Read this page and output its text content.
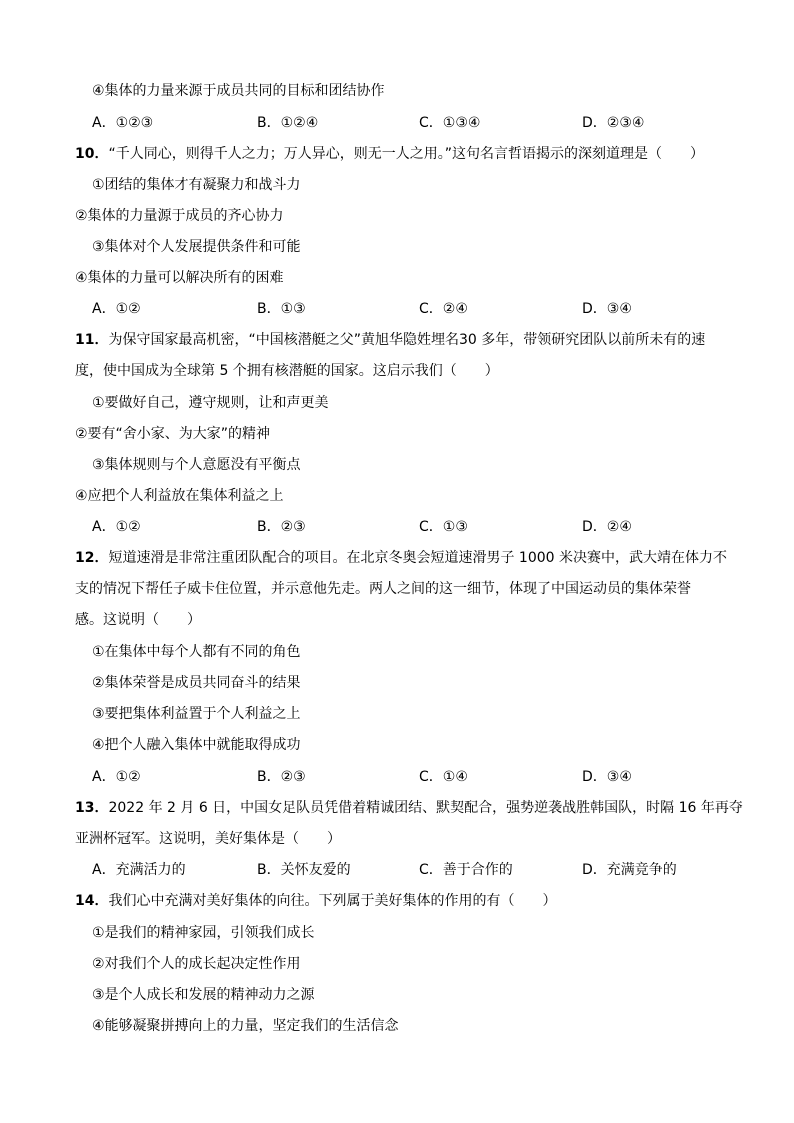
④集体的力量来源于成员共同的目标和团结协作
A．①②③	B．①②④	C．①③④	D．②③④
10．“千人同心，则得千人之力；万人异心，则无一人之用。”这句名言哲语揭示的深刻道理是（　　）
①团结的集体才有凝聚力和战斗力
②集体的力量源于成员的齐心协力
③集体对个人发展提供条件和可能
④集体的力量可以解决所有的困难
A．①②	B．①③	C．②④	D．③④
11．为保守国家最高机密，“中国核潜艇之父”黄旭华隐姓埋名30 多年，带领研究团队以前所未有的速
度，使中国成为全球第 5 个拥有核潜艇的国家。这启示我们（　　）
①要做好自己，遵守规则，让和声更美
②要有“舍小家、为大家”的精神
③集体规则与个人意愿没有平衡点
④应把个人利益放在集体利益之上
A．①②	B．②③	C．①③	D．②④
12．短道速滑是非常注重团队配合的项目。在北京冬奥会短道速滑男子 1000 米决赛中，武大靖在体力不
支的情况下帮任子威卡住位置，并示意他先走。两人之间的这一细节，体现了中国运动员的集体荣誉
感。这说明（　　）
①在集体中每个人都有不同的角色
②集体荣誉是成员共同奋斗的结果
③要把集体利益置于个人利益之上
④把个人融入集体中就能取得成功
A．①②	B．②③	C．①④	D．③④
13．2022 年 2 月 6 日，中国女足队员凭借着精诚团结、默契配合，强势逆袭战胜韩国队，时隔 16 年再夺
亚洲杯冠军。这说明，美好集体是（　　）
A．充满活力的	B．关怀友爱的	C．善于合作的	D．充满竞争的
14．我们心中充满对美好集体的向往。下列属于美好集体的作用的有（　　）
①是我们的精神家园，引领我们成长
②对我们个人的成长起决定性作用
③是个人成长和发展的精神动力之源
④能够凝聚拼搏向上的力量，坚定我们的生活信念
